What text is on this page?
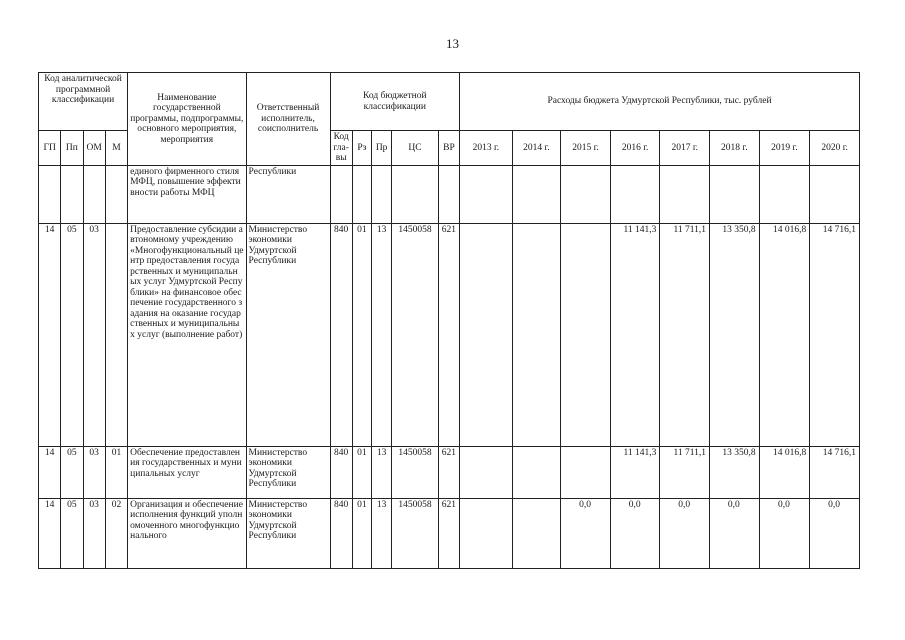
13
Код аналитической программной классификации				Наименование государственной программы, подпрограммы, основного мероприятия, мероприятия	Ответственный исполнитель, соисполнитель	Код бюджетной классификации					Расходы бюджета Удмуртской Республики, тыс. рублей							
ГП	Пп	ОМ	М			Код гла-вы	Рз	Пр	ЦС	ВР	2013 г.	2014 г.	2015 г.	2016 г.	2017 г.	2018 г.	2019 г.	2020 г.
				единого фирменного стиля МФЦ, повышение эффективности работы МФЦ	Республики													
14	05	03		Предоставление субсидии автономному учреждению «Многофункциональный центр предоставления государственных и муниципальных услуг Удмуртской Республики» на финансовое обеспечение государственного задания на оказание государственных и муниципальных услуг (выполнение работ)	Министерство экономики Удмуртской Республики	840	01	13	1450058	621				11 141,3	11 711,1	13 350,8	14 016,8	14 716,1
14	05	03	01	Обеспечение предоставления государственных и муниципальных услуг	Министерство экономики Удмуртской Республики	840	01	13	1450058	621				11 141,3	11 711,1	13 350,8	14 016,8	14 716,1
14	05	03	02	Организация и обеспечение исполнения функций уполномоченного многофункционального	Министерство экономики Удмуртской Республики	840	01	13	1450058	621			0,0	0,0	0,0	0,0	0,0	0,0
